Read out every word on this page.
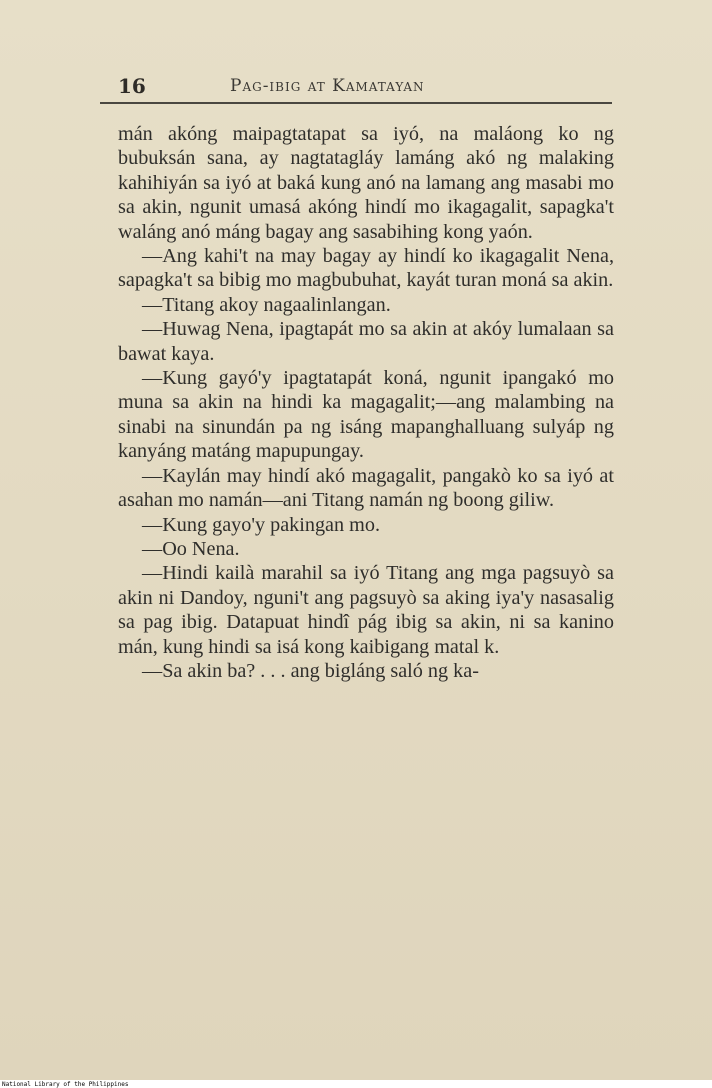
16	Pag-ibig at Kamatayan

mán akóng maipagtatapat sa iyó, na maláong ko ng bubuksán sana, ay nagtatagláy lamáng akó ng malaking kahihiyán sa iyó at baká kung anó na lamang ang masabi mo sa akin, ngunit umasá akóng hindí mo ikagagalit, sapagka't waláng anó máng bagay ang sasabihing kong yaón.

—Ang kahi't na may bagay ay hindí ko ikagagalit Nena, sapagka't sa bibig mo magbubuhat, kayát turan moná sa akin.

—Titang akoy nagaalinlangan.

—Huwag Nena, ipagtapát mo sa akin at akóy lumalaan sa bawat kaya.

—Kung gayó'y ipagtatapát koná, ngunit ipangakó mo muna sa akin na hindi ka magagalit;—ang malambing na sinabi na sinundán pa ng isáng mapanghalluang sulyáp ng kanyáng matáng mapupungay.

—Kaylán may hindí akó magagalit, pangakò ko sa iyó at asahan mo namán—ani Titang namán ng boong giliw.

—Kung gayo'y pakingan mo.

—Oo Nena.

—Hindi kailà marahil sa iyó Titang ang mga pagsuyò sa akin ni Dandoy, nguni't ang pagsuyò sa aking iya'y nasasalig sa pag ibig. Datapuat hindî pág ibig sa akin, ni sa kanino mán, kung hindi sa isá kong kaibigang matal k.

—Sa akin ba? . . . ang bigláng saló ng ka-

National Library of the Philippines
